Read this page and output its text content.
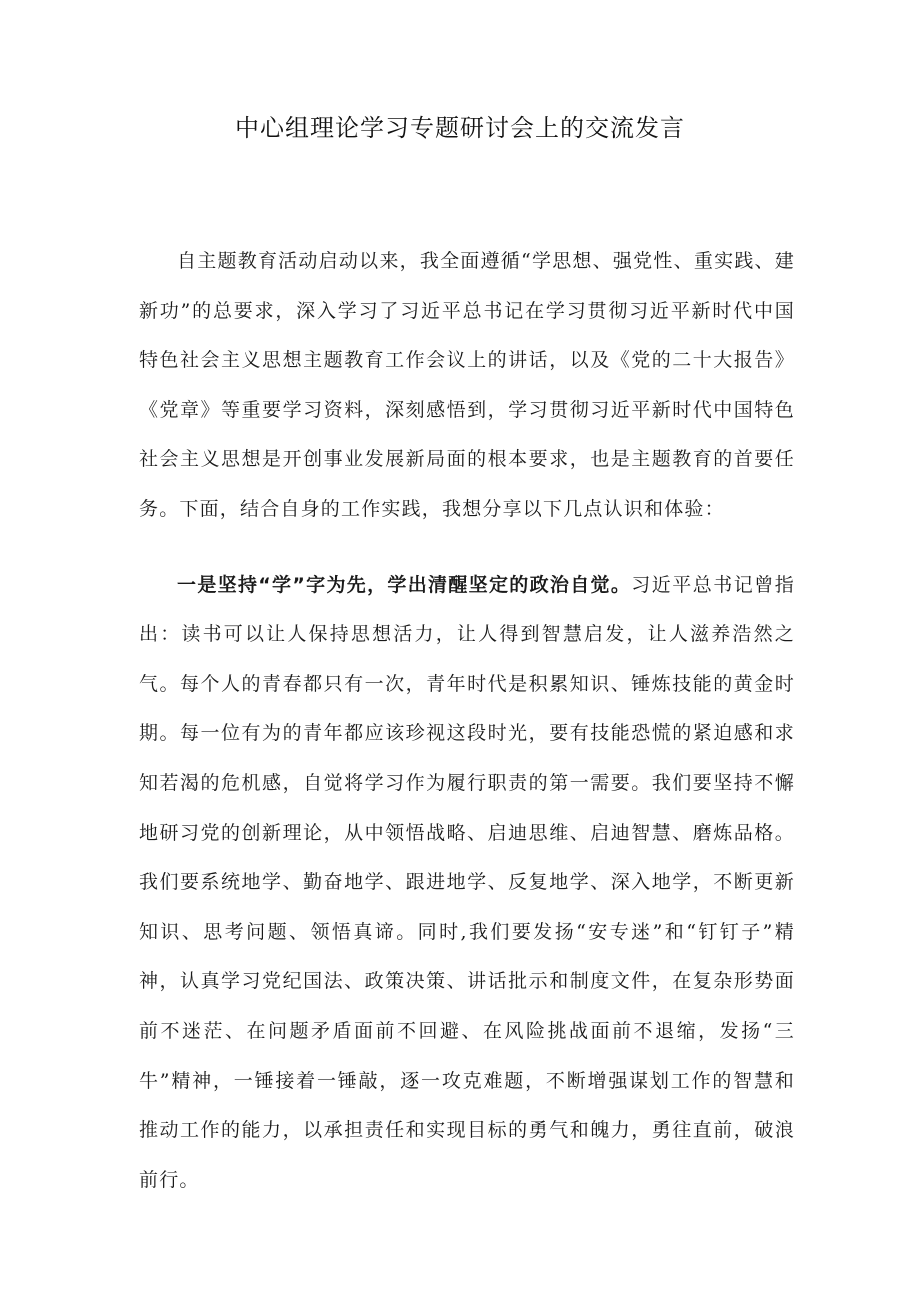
中心组理论学习专题研讨会上的交流发言

自主题教育活动启动以来，我全面遵循“学思想、强党性、重实践、建新功”的总要求，深入学习了习近平总书记在学习贯彻习近平新时代中国特色社会主义思想主题教育工作会议上的讲话，以及《党的二十大报告》《党章》等重要学习资料，深刻感悟到，学习贯彻习近平新时代中国特色社会主义思想是开创事业发展新局面的根本要求，也是主题教育的首要任务。下面，结合自身的工作实践，我想分享以下几点认识和体验：

一是坚持“学”字为先，学出清醒坚定的政治自觉。习近平总书记曾指出：读书可以让人保持思想活力，让人得到智慧启发，让人滋养浩然之气。每个人的青春都只有一次，青年时代是积累知识、锤炼技能的黄金时期。每一位有为的青年都应该珍视这段时光，要有技能恐慌的紧迫感和求知若渴的危机感，自觉将学习作为履行职责的第一需要。我们要坚持不懈地研习党的创新理论，从中领悟战略、启迪思维、启迪智慧、磨炼品格。我们要系统地学、勤奋地学、跟进地学、反复地学、深入地学，不断更新知识、思考问题、领悟真谛。同时,我们要发扬“安专迷”和“钉钉子”精神，认真学习党纪国法、政策决策、讲话批示和制度文件，在复杂形势面前不迷茫、在问题矛盾面前不回避、在风险挑战面前不退缩，发扬“三牛”精神，一锤接着一锤敲，逐一攻克难题，不断增强谋划工作的智慧和推动工作的能力，以承担责任和实现目标的勇气和魄力，勇往直前，破浪前行。
